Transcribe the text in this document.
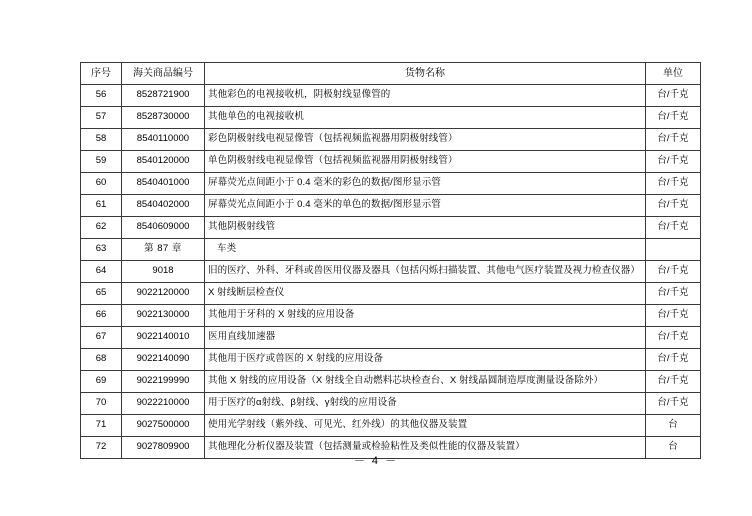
序号	海关商品编号	货物名称	单位
56	8528721900	其他彩色的电视接收机，阴极射线显像管的	台/千克
57	8528730000	其他单色的电视接收机	台/千克
58	8540110000	彩色阴极射线电视显像管（包括视频监视器用阴极射线管）	台/千克
59	8540120000	单色阴极射线电视显像管（包括视频监视器用阴极射线管）	台/千克
60	8540401000	屏幕荧光点间距小于 0.4 毫米的彩色的数据/图形显示管	台/千克
61	8540402000	屏幕荧光点间距小于 0.4 毫米的单色的数据/图形显示管	台/千克
62	8540609000	其他阴极射线管	台/千克
63	第 87 章	车类	
64	9018	旧的医疗、外科、牙科或兽医用仪器及器具（包括闪烁扫描装置、其他电气医疗装置及视力检查仪器）	台/千克
65	9022120000	X 射线断层检查仪	台/千克
66	9022130000	其他用于牙科的 X 射线的应用设备	台/千克
67	9022140010	医用直线加速器	台/千克
68	9022140090	其他用于医疗或兽医的 X 射线的应用设备	台/千克
69	9022199990	其他 X 射线的应用设备（X 射线全自动燃料芯块检查台、X 射线晶圆制造厚度测量设备除外）	台/千克
70	9022210000	用于医疗的α射线、β射线、γ射线的应用设备	台/千克
71	9027500000	使用光学射线（紫外线、可见光、红外线）的其他仪器及装置	台
72	9027809900	其他理化分析仪器及装置（包括测量或检验粘性及类似性能的仪器及装置）	台
－ 4 －
